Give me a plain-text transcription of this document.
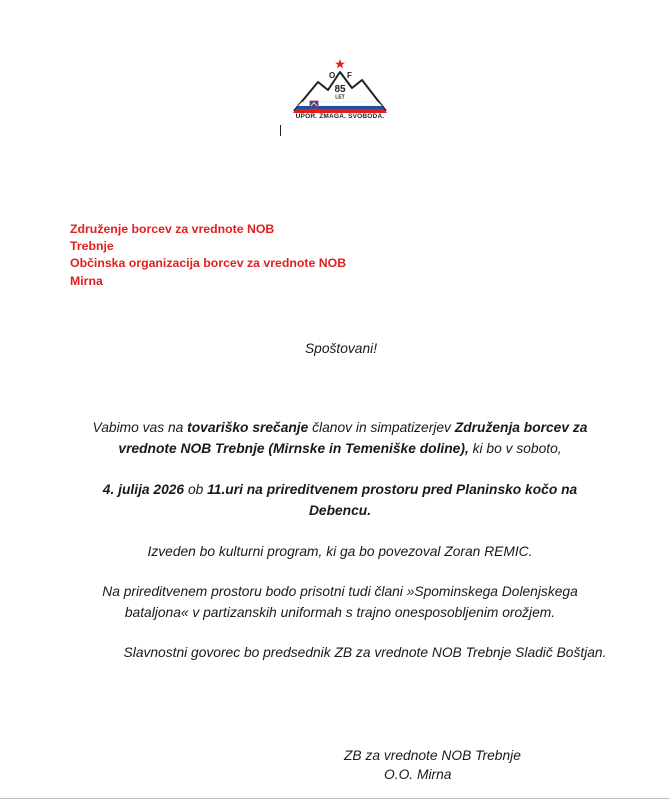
O F
85
LET
UPOR. ZMAGA. SVOBODA.
Združenje borcev za vrednote NOB
Trebnje
Občinska organizacija borcev za vrednote NOB
Mirna
Spoštovani!
Vabimo vas na tovariško srečanje članov in simpatizerjev Združenja borcev za vrednote NOB Trebnje (Mirnske in Temeniške doline), ki bo v soboto,
4. julija 2026 ob 11.uri na prireditvenem prostoru pred Planinsko kočo na Debencu.
Izveden bo kulturni program, ki ga bo povezoval Zoran REMIC.
Na prireditvenem prostoru bodo prisotni tudi člani »Spominskega Dolenjskega bataljona« v partizanskih uniformah s trajno onesposobljenim orožjem.
Slavnostni govorec bo predsednik ZB za vrednote NOB Trebnje Sladič Boštjan.
ZB za vrednote NOB Trebnje
O.O. Mirna
